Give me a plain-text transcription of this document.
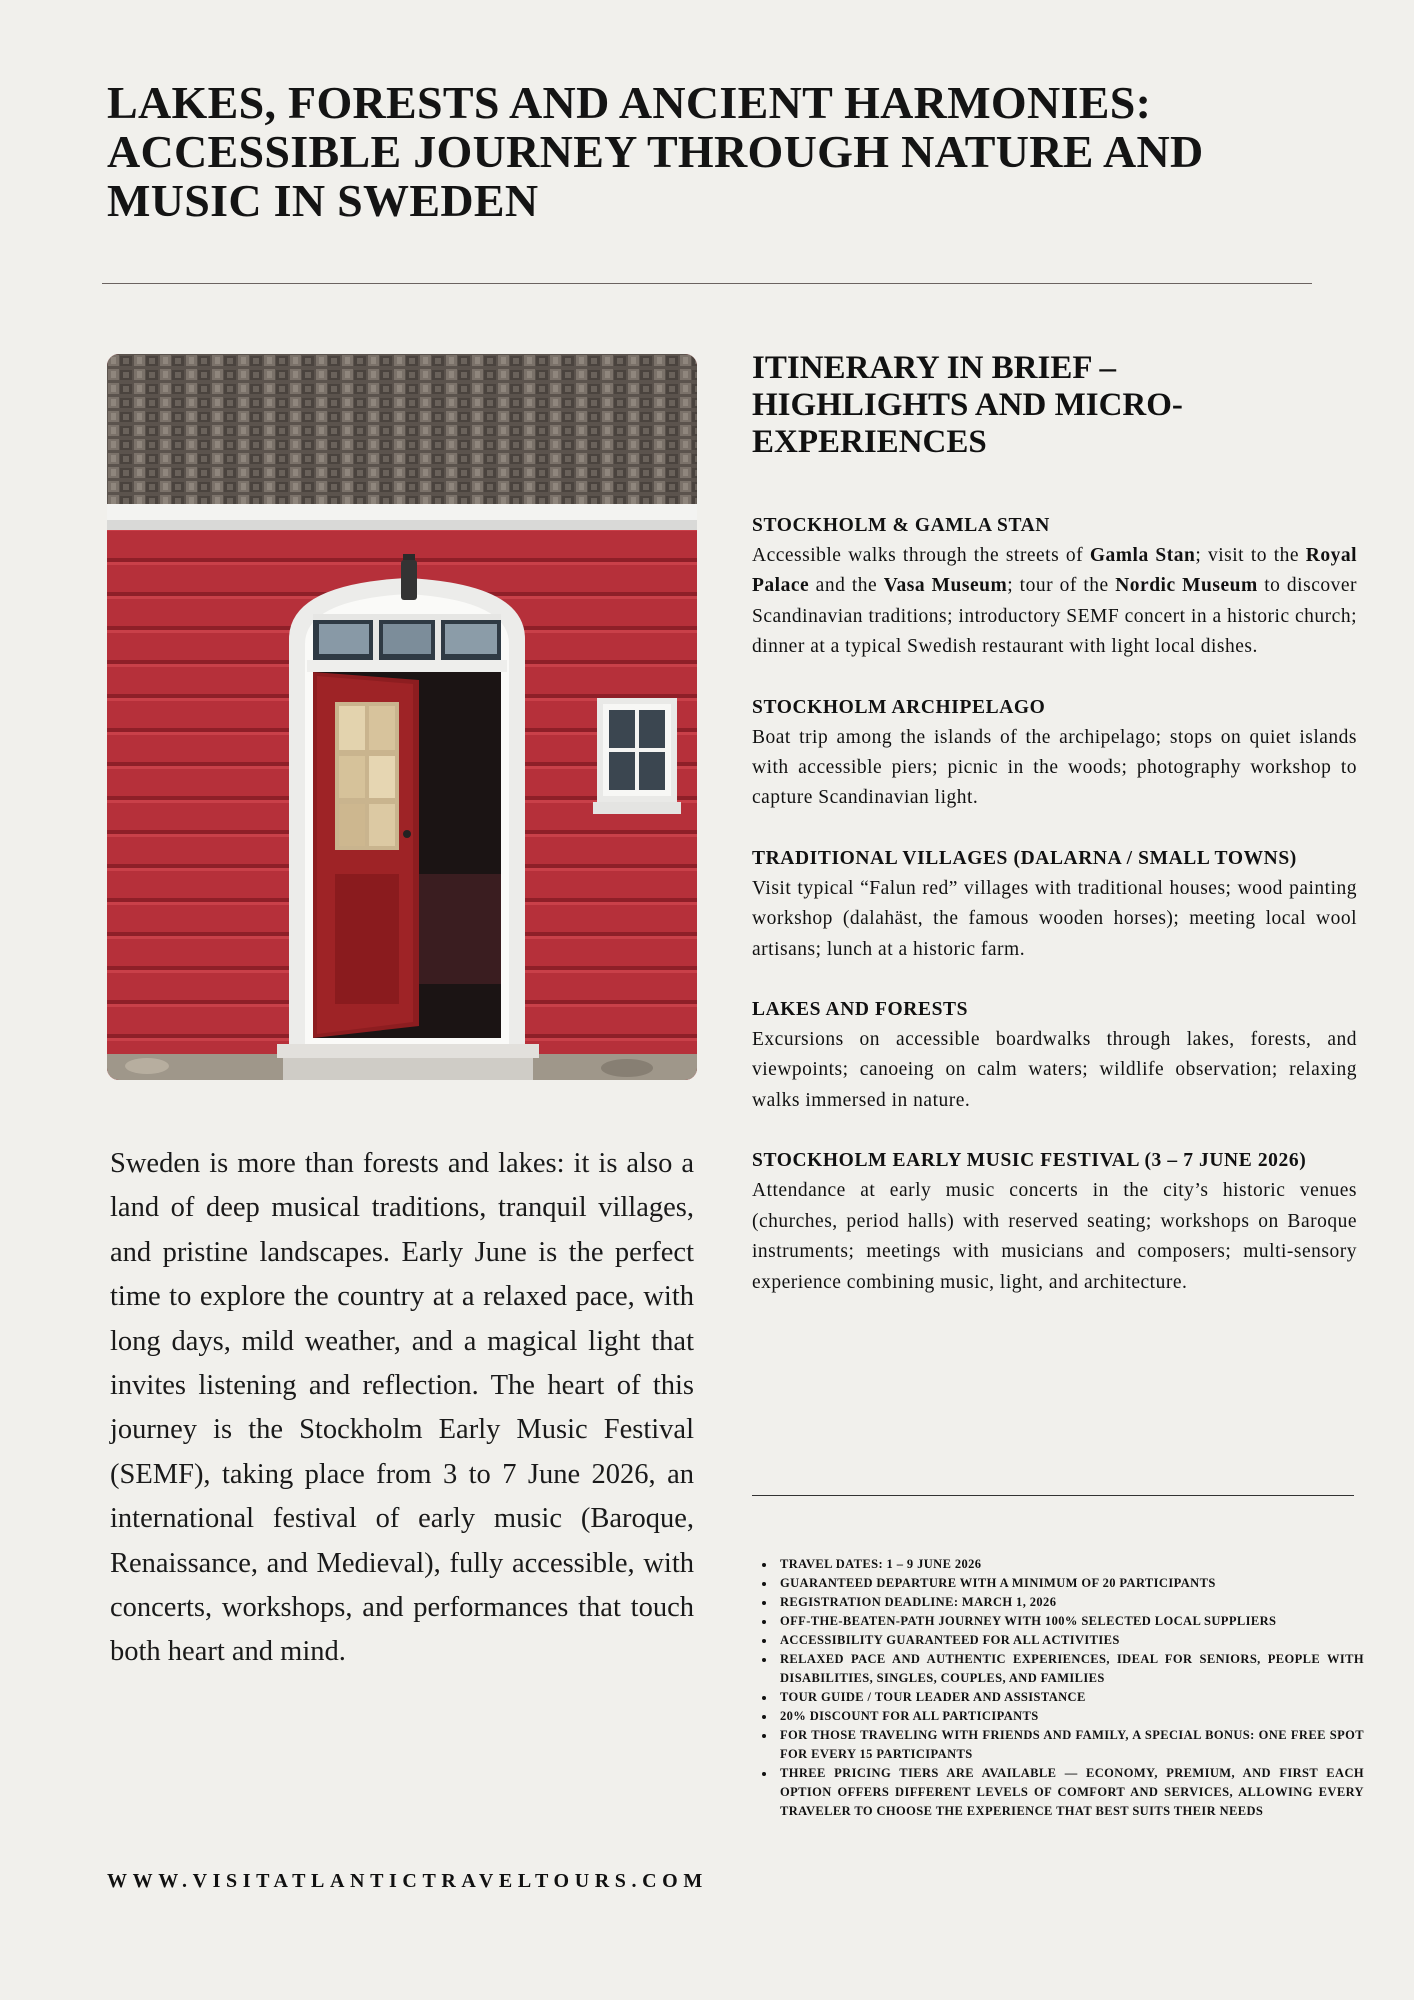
LAKES, FORESTS AND ANCIENT HARMONIES:
ACCESSIBLE JOURNEY THROUGH NATURE AND
MUSIC IN SWEDEN

Sweden is more than forests and lakes: it is also a land of deep musical traditions, tranquil villages, and pristine landscapes. Early June is the perfect time to explore the country at a relaxed pace, with long days, mild weather, and a magical light that invites listening and reflection. The heart of this journey is the Stockholm Early Music Festival (SEMF), taking place from 3 to 7 June 2026, an international festival of early music (Baroque, Renaissance, and Medieval), fully accessible, with concerts, workshops, and performances that touch both heart and mind.

WWW.VISITATLANTICTRAVELTOURS.COM
ITINERARY IN BRIEF –
HIGHLIGHTS AND MICRO-
EXPERIENCES
STOCKHOLM & GAMLA STAN

Accessible walks through the streets of Gamla Stan; visit to the Royal Palace and the Vasa Museum; tour of the Nordic Museum to discover Scandinavian traditions; introductory SEMF concert in a historic church; dinner at a typical Swedish restaurant with light local dishes.

STOCKHOLM ARCHIPELAGO

Boat trip among the islands of the archipelago; stops on quiet islands with accessible piers; picnic in the woods; photography workshop to capture Scandinavian light.

TRADITIONAL VILLAGES (DALARNA / SMALL TOWNS)

Visit typical “Falun red” villages with traditional houses; wood painting workshop (dalahäst, the famous wooden horses); meeting local wool artisans; lunch at a historic farm.

LAKES AND FORESTS

Excursions on accessible boardwalks through lakes, forests, and viewpoints; canoeing on calm waters; wildlife observation; relaxing walks immersed in nature.

STOCKHOLM EARLY MUSIC FESTIVAL (3 – 7 JUNE 2026)

Attendance at early music concerts in the city’s historic venues (churches, period halls) with reserved seating; workshops on Baroque instruments; meetings with musicians and composers; multi-sensory experience combining music, light, and architecture.

• TRAVEL DATES: 1 – 9 JUNE 2026
• GUARANTEED DEPARTURE WITH A MINIMUM OF 20 PARTICIPANTS
• REGISTRATION DEADLINE: MARCH 1, 2026
• OFF-THE-BEATEN-PATH JOURNEY WITH 100% SELECTED LOCAL SUPPLIERS
• ACCESSIBILITY GUARANTEED FOR ALL ACTIVITIES
• RELAXED PACE AND AUTHENTIC EXPERIENCES, IDEAL FOR SENIORS, PEOPLE WITH DISABILITIES, SINGLES, COUPLES, AND FAMILIES
• TOUR GUIDE / TOUR LEADER AND ASSISTANCE
• 20% DISCOUNT FOR ALL PARTICIPANTS
• FOR THOSE TRAVELING WITH FRIENDS AND FAMILY, A SPECIAL BONUS: ONE FREE SPOT FOR EVERY 15 PARTICIPANTS
• THREE PRICING TIERS ARE AVAILABLE — ECONOMY, PREMIUM, AND FIRST EACH OPTION OFFERS DIFFERENT LEVELS OF COMFORT AND SERVICES, ALLOWING EVERY TRAVELER TO CHOOSE THE EXPERIENCE THAT BEST SUITS THEIR NEEDS
